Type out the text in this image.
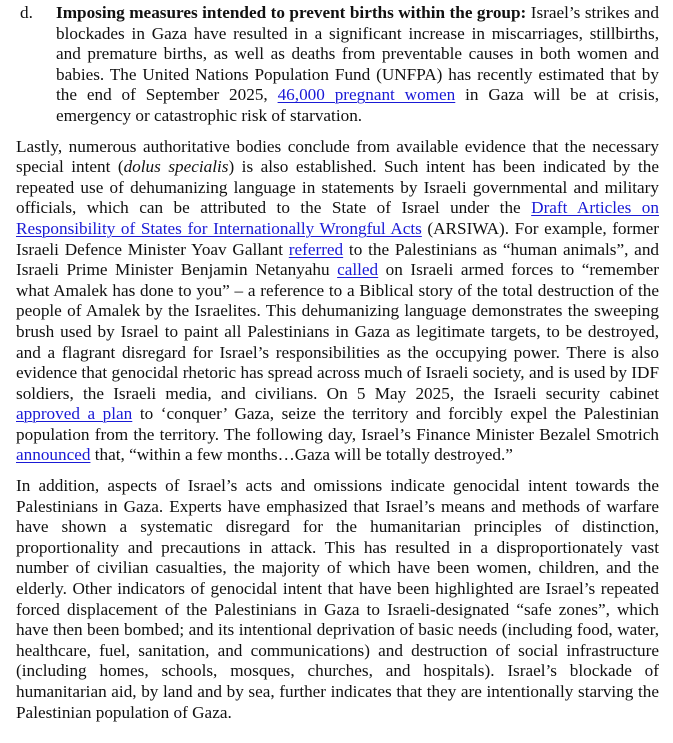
d. Imposing measures intended to prevent births within the group: Israel’s strikes and blockades in Gaza have resulted in a significant increase in miscarriages, stillbirths, and premature births, as well as deaths from preventable causes in both women and babies. The United Nations Population Fund (UNFPA) has recently estimated that by the end of September 2025, 46,000 pregnant women in Gaza will be at crisis, emergency or catastrophic risk of starvation.

Lastly, numerous authoritative bodies conclude from available evidence that the necessary special intent (dolus specialis) is also established. Such intent has been indicated by the repeated use of dehumanizing language in statements by Israeli governmental and military officials, which can be attributed to the State of Israel under the Draft Articles on Responsibility of States for Internationally Wrongful Acts (ARSIWA). For example, former Israeli Defence Minister Yoav Gallant referred to the Palestinians as “human animals”, and Israeli Prime Minister Benjamin Netanyahu called on Israeli armed forces to “remember what Amalek has done to you” – a reference to a Biblical story of the total destruction of the people of Amalek by the Israelites. This dehumanizing language demonstrates the sweeping brush used by Israel to paint all Palestinians in Gaza as legitimate targets, to be destroyed, and a flagrant disregard for Israel’s responsibilities as the occupying power. There is also evidence that genocidal rhetoric has spread across much of Israeli society, and is used by IDF soldiers, the Israeli media, and civilians. On 5 May 2025, the Israeli security cabinet approved a plan to ‘conquer’ Gaza, seize the territory and forcibly expel the Palestinian population from the territory. The following day, Israel’s Finance Minister Bezalel Smotrich announced that, “within a few months…Gaza will be totally destroyed.”

In addition, aspects of Israel’s acts and omissions indicate genocidal intent towards the Palestinians in Gaza. Experts have emphasized that Israel’s means and methods of warfare have shown a systematic disregard for the humanitarian principles of distinction, proportionality and precautions in attack. This has resulted in a disproportionately vast number of civilian casualties, the majority of which have been women, children, and the elderly. Other indicators of genocidal intent that have been highlighted are Israel’s repeated forced displacement of the Palestinians in Gaza to Israeli-designated “safe zones”, which have then been bombed; and its intentional deprivation of basic needs (including food, water, healthcare, fuel, sanitation, and communications) and destruction of social infrastructure (including homes, schools, mosques, churches, and hospitals). Israel’s blockade of humanitarian aid, by land and by sea, further indicates that they are intentionally starving the Palestinian population of Gaza.
